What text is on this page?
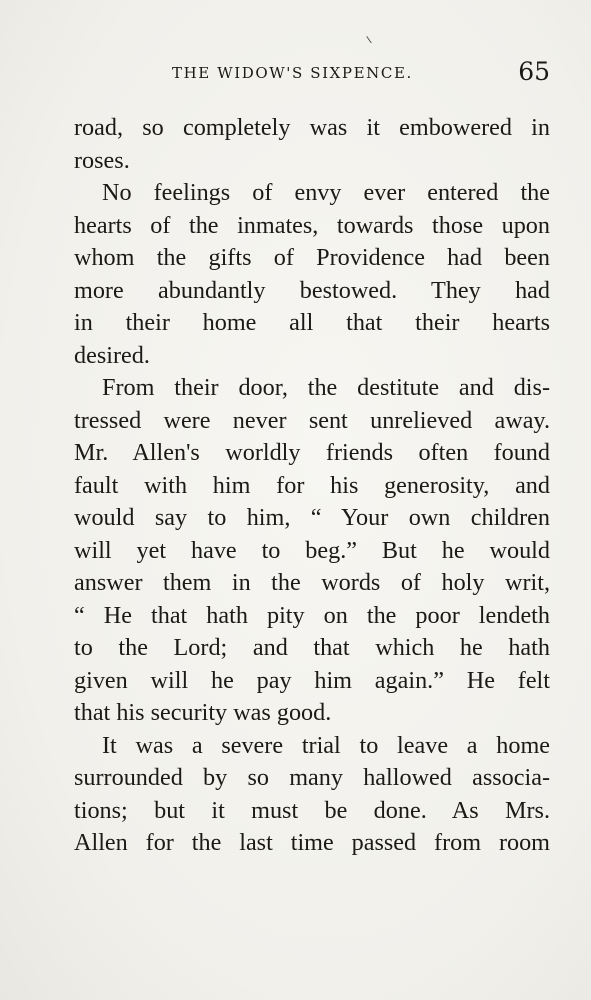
THE WIDOW'S SIXPENCE.	65
road, so completely was it embowered in
roses.
No feelings of envy ever entered the
hearts of the inmates, towards those upon
whom the gifts of Providence had been
more abundantly bestowed. They had
in their home all that their hearts
desired.
From their door, the destitute and dis-
tressed were never sent unrelieved away.
Mr. Allen's worldly friends often found
fault with him for his generosity, and
would say to him, “ Your own children
will yet have to beg.” But he would
answer them in the words of holy writ,
“ He that hath pity on the poor lendeth
to the Lord; and that which he hath
given will he pay him again.” He felt
that his security was good.
It was a severe trial to leave a home
surrounded by so many hallowed associa-
tions; but it must be done. As Mrs.
Allen for the last time passed from room
